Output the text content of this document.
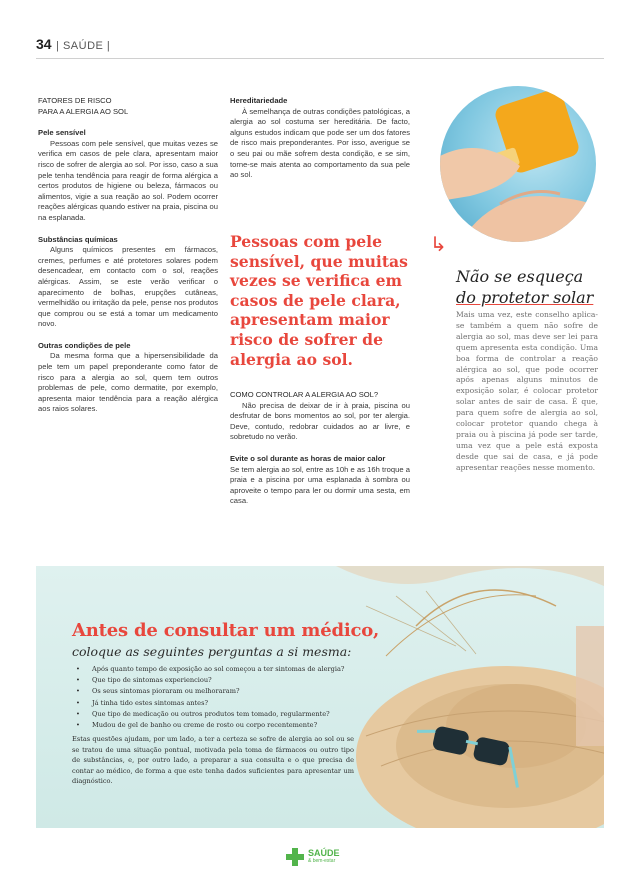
34 | SAÚDE |
FATORES DE RISCO
PARA A ALERGIA AO SOL
Pele sensível

Pessoas com pele sensível, que muitas vezes se verifica em casos de pele clara, apresentam maior risco de sofrer de alergia ao sol. Por isso, caso a sua pele tenha tendência para reagir de forma alérgica a certos produtos de higiene ou beleza, fármacos ou alimentos, vigie a sua reação ao sol. Podem ocorrer reações alérgicas quando estiver na praia, piscina ou na esplanada.

Substâncias químicas

Alguns químicos presentes em fármacos, cremes, perfumes e até protetores solares podem desencadear, em contacto com o sol, reações alérgicas. Assim, se este verão verificar o aparecimento de bolhas, erupções cutâneas, vermelhidão ou irritação da pele, pense nos produtos que comprou ou se está a tomar um medicamento novo.

Outras condições de pele

Da mesma forma que a hipersensibilidade da pele tem um papel preponderante como fator de risco para a alergia ao sol, quem tem outros problemas de pele, como dermatite, por exemplo, apresenta maior tendência para a reação alérgica aos raios solares.

Hereditariedade

À semelhança de outras condições patológicas, a alergia ao sol costuma ser hereditária. De facto, alguns estudos indicam que pode ser um dos fatores de risco mais preponderantes. Por isso, averigue se o seu pai ou mãe sofrem desta condição, e se sim, torne-se mais atenta ao comportamento da sua pele ao sol.

Pessoas com pele sensível, que muitas vezes se verifica em casos de pele clara, apresentam maior risco de sofrer de alergia ao sol.
COMO CONTROLAR A ALERGIA AO SOL?

Não precisa de deixar de ir à praia, piscina ou desfrutar de bons momentos ao sol, por ter alergia. Deve, contudo, redobrar cuidados ao ar livre, e sobretudo no verão.

Evite o sol durante as horas de maior calor

Se tem alergia ao sol, entre as 10h e as 16h troque a praia e a piscina por uma esplanada à sombra ou aproveite o tempo para ler ou dormir uma sesta, em casa.

↳
Não se esqueça
do protetor solar
Mais uma vez, este conselho aplica-se também a quem não sofre de alergia ao sol, mas deve ser lei para quem apresenta esta condição. Uma boa forma de controlar a reação alérgica ao sol, que pode ocorrer após apenas alguns minutos de exposição solar, é colocar protetor solar antes de sair de casa. É que, para quem sofre de alergia ao sol, colocar protetor quando chega à praia ou à piscina já pode ser tarde, uma vez que a pele está exposta desde que sai de casa, e já pode apresentar reações nesse momento.
Antes de consultar um médico,
coloque as seguintes perguntas a si mesma:
• Após quanto tempo de exposição ao sol começou a ter sintomas de alergia?
• Que tipo de sintomas experienciou?
• Os seus sintomas pioraram ou melhoraram?
• Já tinha tido estes sintomas antes?
• Que tipo de medicação ou outros produtos tem tomado, regularmente?
• Mudou de gel de banho ou creme de rosto ou corpo recentemente?
Estas questões ajudam, por um lado, a ter a certeza se sofre de alergia ao sol ou se se tratou de uma situação pontual, motivada pela toma de fármacos ou outro tipo de substâncias, e, por outro lado, a preparar a sua consulta e o que precisa de contar ao médico, de forma a que este tenha dados suficientes para apresentar um diagnóstico.
SAÚDE
& bem-estar
